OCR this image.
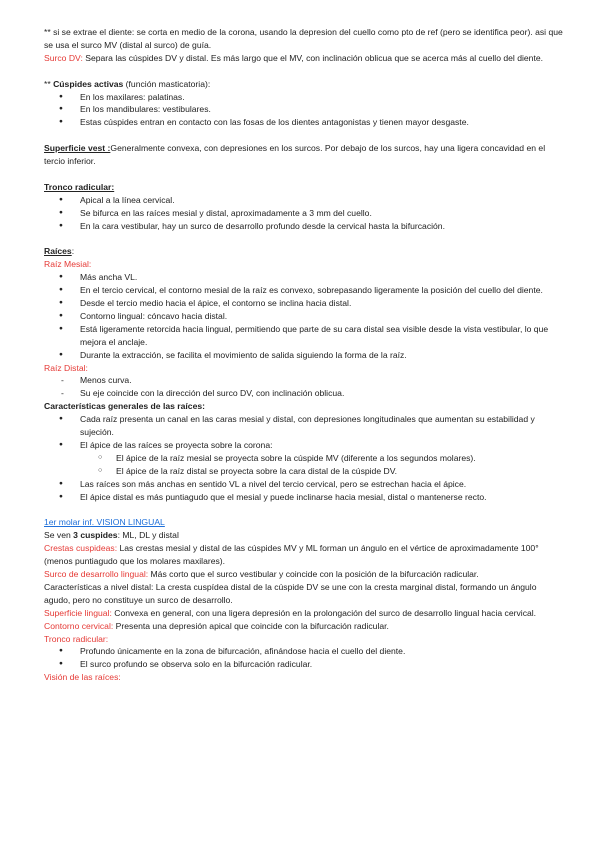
** si se extrae el diente: se corta en medio de la corona, usando la depresion del cuello como pto de ref (pero se identifica peor). asi que se usa el surco MV (distal al surco) de guía.

Surco DV: Separa las cúspides DV y distal. Es más largo que el MV, con inclinación oblicua que se acerca más al cuello del diente.

** Cúspides activas (función masticatoria):

● En los maxilares: palatinas.
● En los mandibulares: vestibulares.
● Estas cúspides entran en contacto con las fosas de los dientes antagonistas y tienen mayor desgaste.

Superficie vest :Generalmente convexa, con depresiones en los surcos. Por debajo de los surcos, hay una ligera concavidad en el tercio inferior.

Tronco radicular:

● Apical a la línea cervical.
● Se bifurca en las raíces mesial y distal, aproximadamente a 3 mm del cuello.
● En la cara vestibular, hay un surco de desarrollo profundo desde la cervical hasta la bifurcación.

Raíces:

Raíz Mesial:

● Más ancha VL.
● En el tercio cervical, el contorno mesial de la raíz es convexo, sobrepasando ligeramente la posición del cuello del diente.
● Desde el tercio medio hacia el ápice, el contorno se inclina hacia distal.
● Contorno lingual: cóncavo hacia distal.
● Está ligeramente retorcida hacia lingual, permitiendo que parte de su cara distal sea visible desde la vista vestibular, lo que mejora el anclaje.
● Durante la extracción, se facilita el movimiento de salida siguiendo la forma de la raíz.

Raíz Distal:

- Menos curva.
- Su eje coincide con la dirección del surco DV, con inclinación oblicua.

Características generales de las raíces:

● Cada raíz presenta un canal en las caras mesial y distal, con depresiones longitudinales que aumentan su estabilidad y sujeción.
● El ápice de las raíces se proyecta sobre la corona:
○ El ápice de la raíz mesial se proyecta sobre la cúspide MV (diferente a los segundos molares).
○ El ápice de la raíz distal se proyecta sobre la cara distal de la cúspide DV.
● Las raíces son más anchas en sentido VL a nivel del tercio cervical, pero se estrechan hacia el ápice.
● El ápice distal es más puntiagudo que el mesial y puede inclinarse hacia mesial, distal o mantenerse recto.

1er molar inf. VISION LINGUAL

Se ven 3 cuspides: ML, DL y distal

Crestas cuspideas: Las crestas mesial y distal de las cúspides MV y ML forman un ángulo en el vértice de aproximadamente 100° (menos puntiagudo que los molares maxilares).

Surco de desarrollo lingual: Más corto que el surco vestibular y coincide con la posición de la bifurcación radicular.

Características a nivel distal: La cresta cuspídea distal de la cúspide DV se une con la cresta marginal distal, formando un ángulo agudo, pero no constituye un surco de desarrollo.

Superficie lingual: Convexa en general, con una ligera depresión en la prolongación del surco de desarrollo lingual hacia cervical.

Contorno cervical: Presenta una depresión apical que coincide con la bifurcación radicular.

Tronco radicular:

● Profundo únicamente en la zona de bifurcación, afinándose hacia el cuello del diente.
● El surco profundo se observa solo en la bifurcación radicular.

Visión de las raíces:
